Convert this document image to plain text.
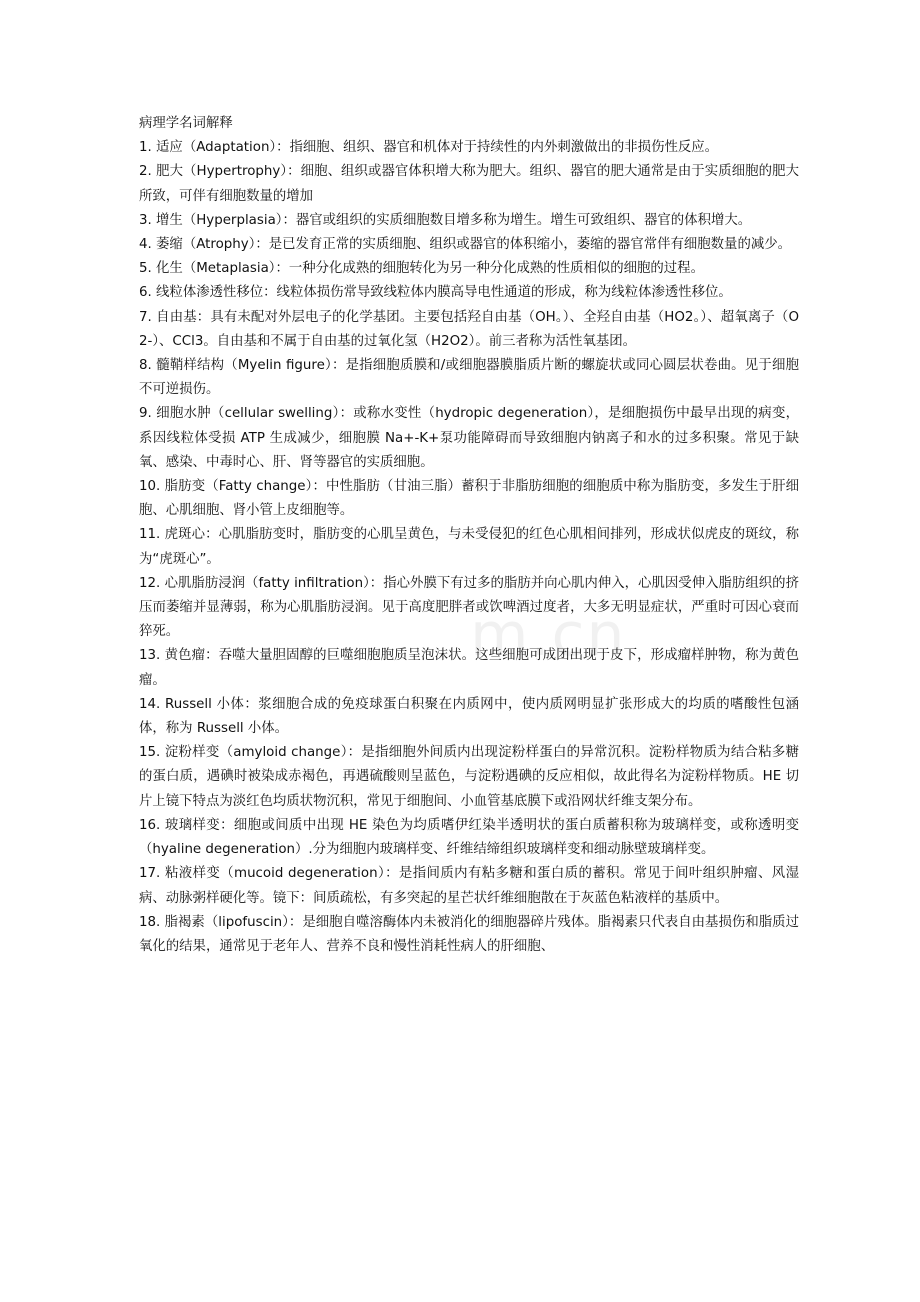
m.cn

病理学名词解释

1. 适应（Adaptation）：指细胞、组织、器官和机体对于持续性的内外刺激做出的非损伤性反应。

2. 肥大（Hypertrophy）：细胞、组织或器官体积增大称为肥大。组织、器官的肥大通常是由于实质细胞的肥大所致，可伴有细胞数量的增加

3. 增生（Hyperplasia）：器官或组织的实质细胞数目增多称为增生。增生可致组织、器官的体积增大。

4. 萎缩（Atrophy）：是已发育正常的实质细胞、组织或器官的体积缩小，萎缩的器官常伴有细胞数量的减少。

5. 化生（Metaplasia）：一种分化成熟的细胞转化为另一种分化成熟的性质相似的细胞的过程。

6. 线粒体渗透性移位：线粒体损伤常导致线粒体内膜高导电性通道的形成，称为线粒体渗透性移位。

7. 自由基：具有未配对外层电子的化学基团。主要包括羟自由基（OH。）、全羟自由基（HO2。）、超氧离子（O2-）、CCl3。自由基和不属于自由基的过氧化氢（H2O2）。前三者称为活性氧基团。

8. 髓鞘样结构（Myelin figure）：是指细胞质膜和/或细胞器膜脂质片断的螺旋状或同心圆层状卷曲。见于细胞不可逆损伤。

9. 细胞水肿（cellular swelling）：或称水变性（hydropic degeneration），是细胞损伤中最早出现的病变，系因线粒体受损 ATP 生成减少，细胞膜 Na+-K+泵功能障碍而导致细胞内钠离子和水的过多积聚。常见于缺氧、感染、中毒时心、肝、肾等器官的实质细胞。

10. 脂肪变（Fatty change）：中性脂肪（甘油三脂）蓄积于非脂肪细胞的细胞质中称为脂肪变，多发生于肝细胞、心肌细胞、肾小管上皮细胞等。

11. 虎斑心：心肌脂肪变时，脂肪变的心肌呈黄色，与未受侵犯的红色心肌相间排列，形成状似虎皮的斑纹，称为“虎斑心”。

12. 心肌脂肪浸润（fatty infiltration）：指心外膜下有过多的脂肪并向心肌内伸入，心肌因受伸入脂肪组织的挤压而萎缩并显薄弱，称为心肌脂肪浸润。见于高度肥胖者或饮啤酒过度者，大多无明显症状，严重时可因心衰而猝死。

13. 黄色瘤：吞噬大量胆固醇的巨噬细胞胞质呈泡沫状。这些细胞可成团出现于皮下，形成瘤样肿物，称为黄色瘤。

14. Russell 小体：浆细胞合成的免疫球蛋白积聚在内质网中，使内质网明显扩张形成大的均质的嗜酸性包涵体，称为 Russell 小体。

15. 淀粉样变（amyloid change）：是指细胞外间质内出现淀粉样蛋白的异常沉积。淀粉样物质为结合粘多糖的蛋白质，遇碘时被染成赤褐色，再遇硫酸则呈蓝色，与淀粉遇碘的反应相似，故此得名为淀粉样物质。HE 切片上镜下特点为淡红色均质状物沉积，常见于细胞间、小血管基底膜下或沿网状纤维支架分布。

16. 玻璃样变：细胞或间质中出现 HE 染色为均质嗜伊红染半透明状的蛋白质蓄积称为玻璃样变，或称透明变（hyaline degeneration）.分为细胞内玻璃样变、纤维结缔组织玻璃样变和细动脉壁玻璃样变。

17. 粘液样变（mucoid degeneration）：是指间质内有粘多糖和蛋白质的蓄积。常见于间叶组织肿瘤、风湿病、动脉粥样硬化等。镜下：间质疏松，有多突起的星芒状纤维细胞散在于灰蓝色粘液样的基质中。

18. 脂褐素（lipofuscin）：是细胞自噬溶酶体内未被消化的细胞器碎片残体。脂褐素只代表自由基损伤和脂质过氧化的结果，通常见于老年人、营养不良和慢性消耗性病人的肝细胞、
